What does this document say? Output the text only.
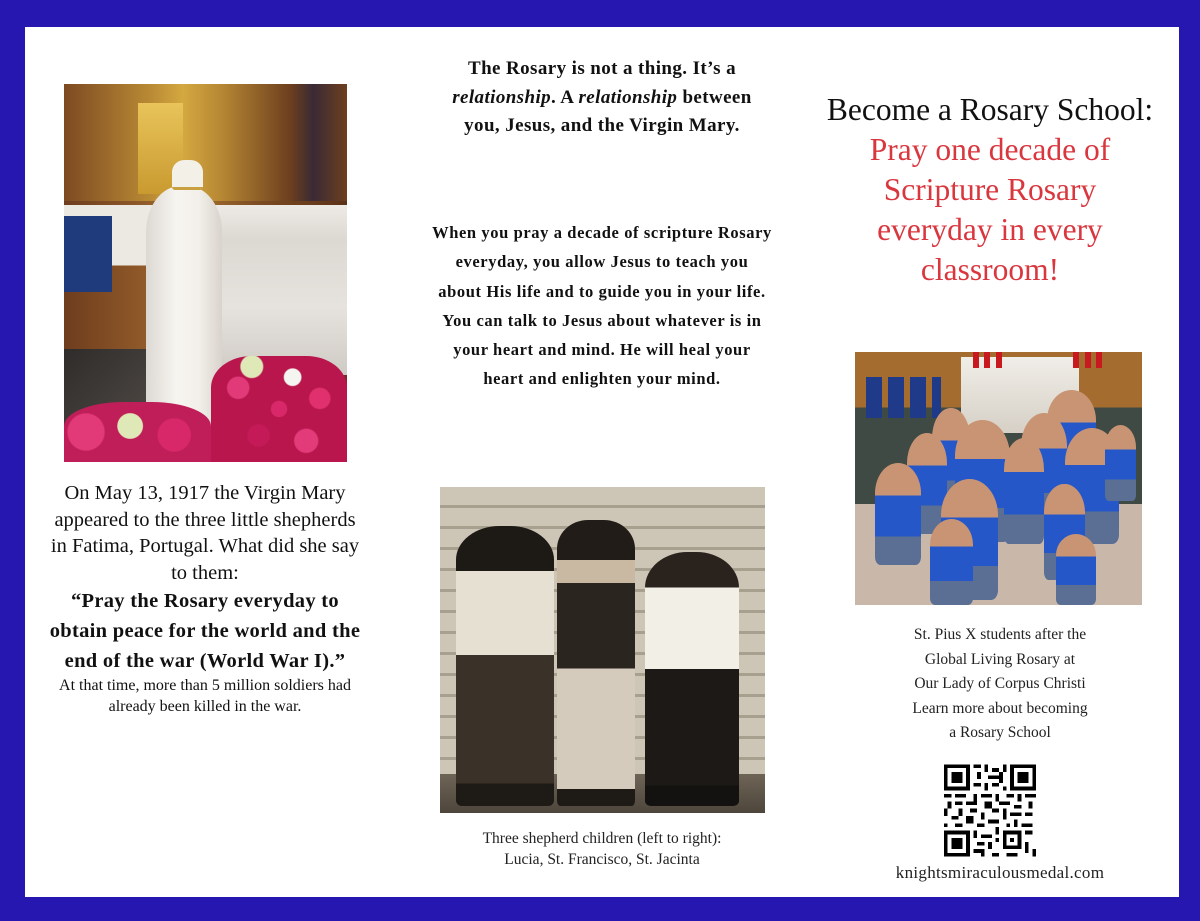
On May 13, 1917 the Virgin Mary appeared to the three little shepherds in Fatima, Portugal. What did she say to them:

“Pray the Rosary everyday to obtain peace for the world and the end of the war (World War I).”

At that time, more than 5 million soldiers had already been killed in the war.

The Rosary is not a thing. It’s a relationship. A relationship between you, Jesus, and the Virgin Mary.

When you pray a decade of scripture Rosary everyday, you allow Jesus to teach you about His life and to guide you in your life. You can talk to Jesus about whatever is in your heart and mind. He will heal your heart and enlighten your mind.

Three shepherd children (left to right):
Lucia, St. Francisco, St. Jacinta
Become a Rosary School:
Pray one decade of Scripture Rosary everyday in every classroom!
St. Pius X students after the
Global Living Rosary at
Our Lady of Corpus Christi
Learn more about becoming
a Rosary School
knightsmiraculousmedal.com
